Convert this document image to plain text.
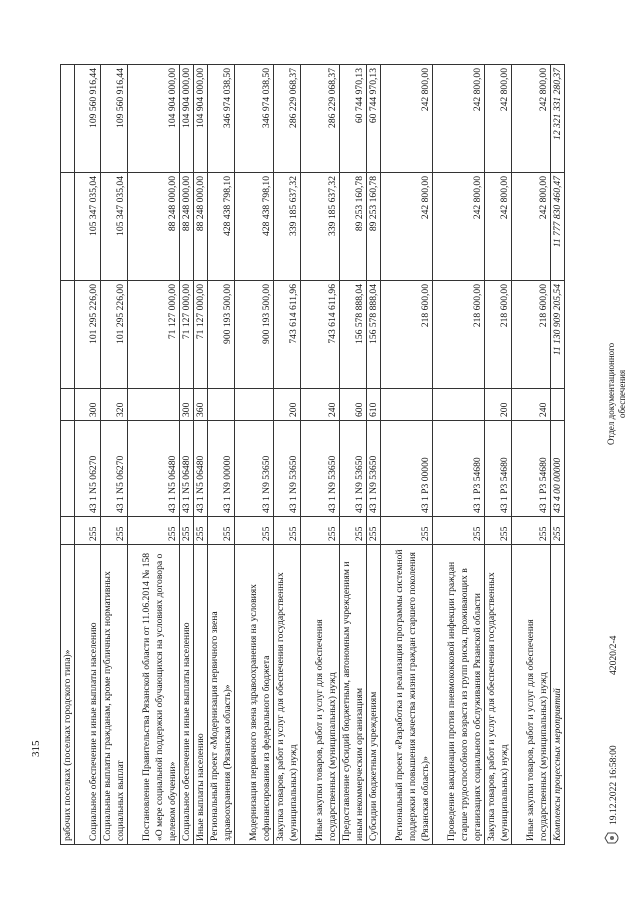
315 рабочих поселках (поселках городского типа)»						
Социальное обеспечение и иные выплаты населению	255	43 1 N5 06270	300	101 295 226,00	105 347 035,04	109 560 916,44
Социальные выплаты гражданам, кроме публичных нормативных социальных выплат	255	43 1 N5 06270	320	101 295 226,00	105 347 035,04	109 560 916,44
Постановление Правительства Рязанской области от 11.06.2014 № 158 «О мере социальной поддержки обучающихся на условиях договора о целевом обучении»	255	43 1 N5 06480		71 127 000,00	88 248 000,00	104 904 000,00
Социальное обеспечение и иные выплаты населению	255	43 1 N5 06480	300	71 127 000,00	88 248 000,00	104 904 000,00
Иные выплаты населению	255	43 1 N5 06480	360	71 127 000,00	88 248 000,00	104 904 000,00
Региональный проект «Модернизация первичного звена здравоохранения (Рязанская область)»	255	43 1 N9 00000		900 193 500,00	428 438 798,10	346 974 038,50
Модернизация первичного звена здравоохранения на условиях софинансирования из федерального бюджета	255	43 1 N9 53650		900 193 500,00	428 438 798,10	346 974 038,50
Закупка товаров, работ и услуг для обеспечения государственных (муниципальных) нужд	255	43 1 N9 53650	200	743 614 611,96	339 185 637,32	286 229 068,37
Иные закупки товаров, работ и услуг для обеспечения государственных (муниципальных) нужд	255	43 1 N9 53650	240	743 614 611,96	339 185 637,32	286 229 068,37
Предоставление субсидий бюджетным, автономным учреждениям и иным некоммерческим организациям	255	43 1 N9 53650	600	156 578 888,04	89 253 160,78	60 744 970,13
Субсидии бюджетным учреждениям	255	43 1 N9 53650	610	156 578 888,04	89 253 160,78	60 744 970,13
Региональный проект «Разработка и реализация программы системной поддержки и повышения качества жизни граждан старшего поколения (Рязанская область)»	255	43 1 P3 00000		218 600,00	242 800,00	242 800,00
Проведение вакцинации против пневмококковой инфекции граждан старше трудоспособного возраста из групп риска, проживающих в организациях социального обслуживания Рязанской области	255	43 1 P3 54680		218 600,00	242 800,00	242 800,00
Закупка товаров, работ и услуг для обеспечения государственных (муниципальных) нужд	255	43 1 P3 54680	200	218 600,00	242 800,00	242 800,00
Иные закупки товаров, работ и услуг для обеспечения государственных (муниципальных) нужд	255	43 1 P3 54680	240	218 600,00	242 800,00	242 800,00
Комплексы процессных мероприятий	255	43 4 00 00000		11 130 909 205,54	11 777 830 460,47	12 321 331 280,37
19.12.2022 16:58:00
42020/2-4
Отдел документационного обеспечения
